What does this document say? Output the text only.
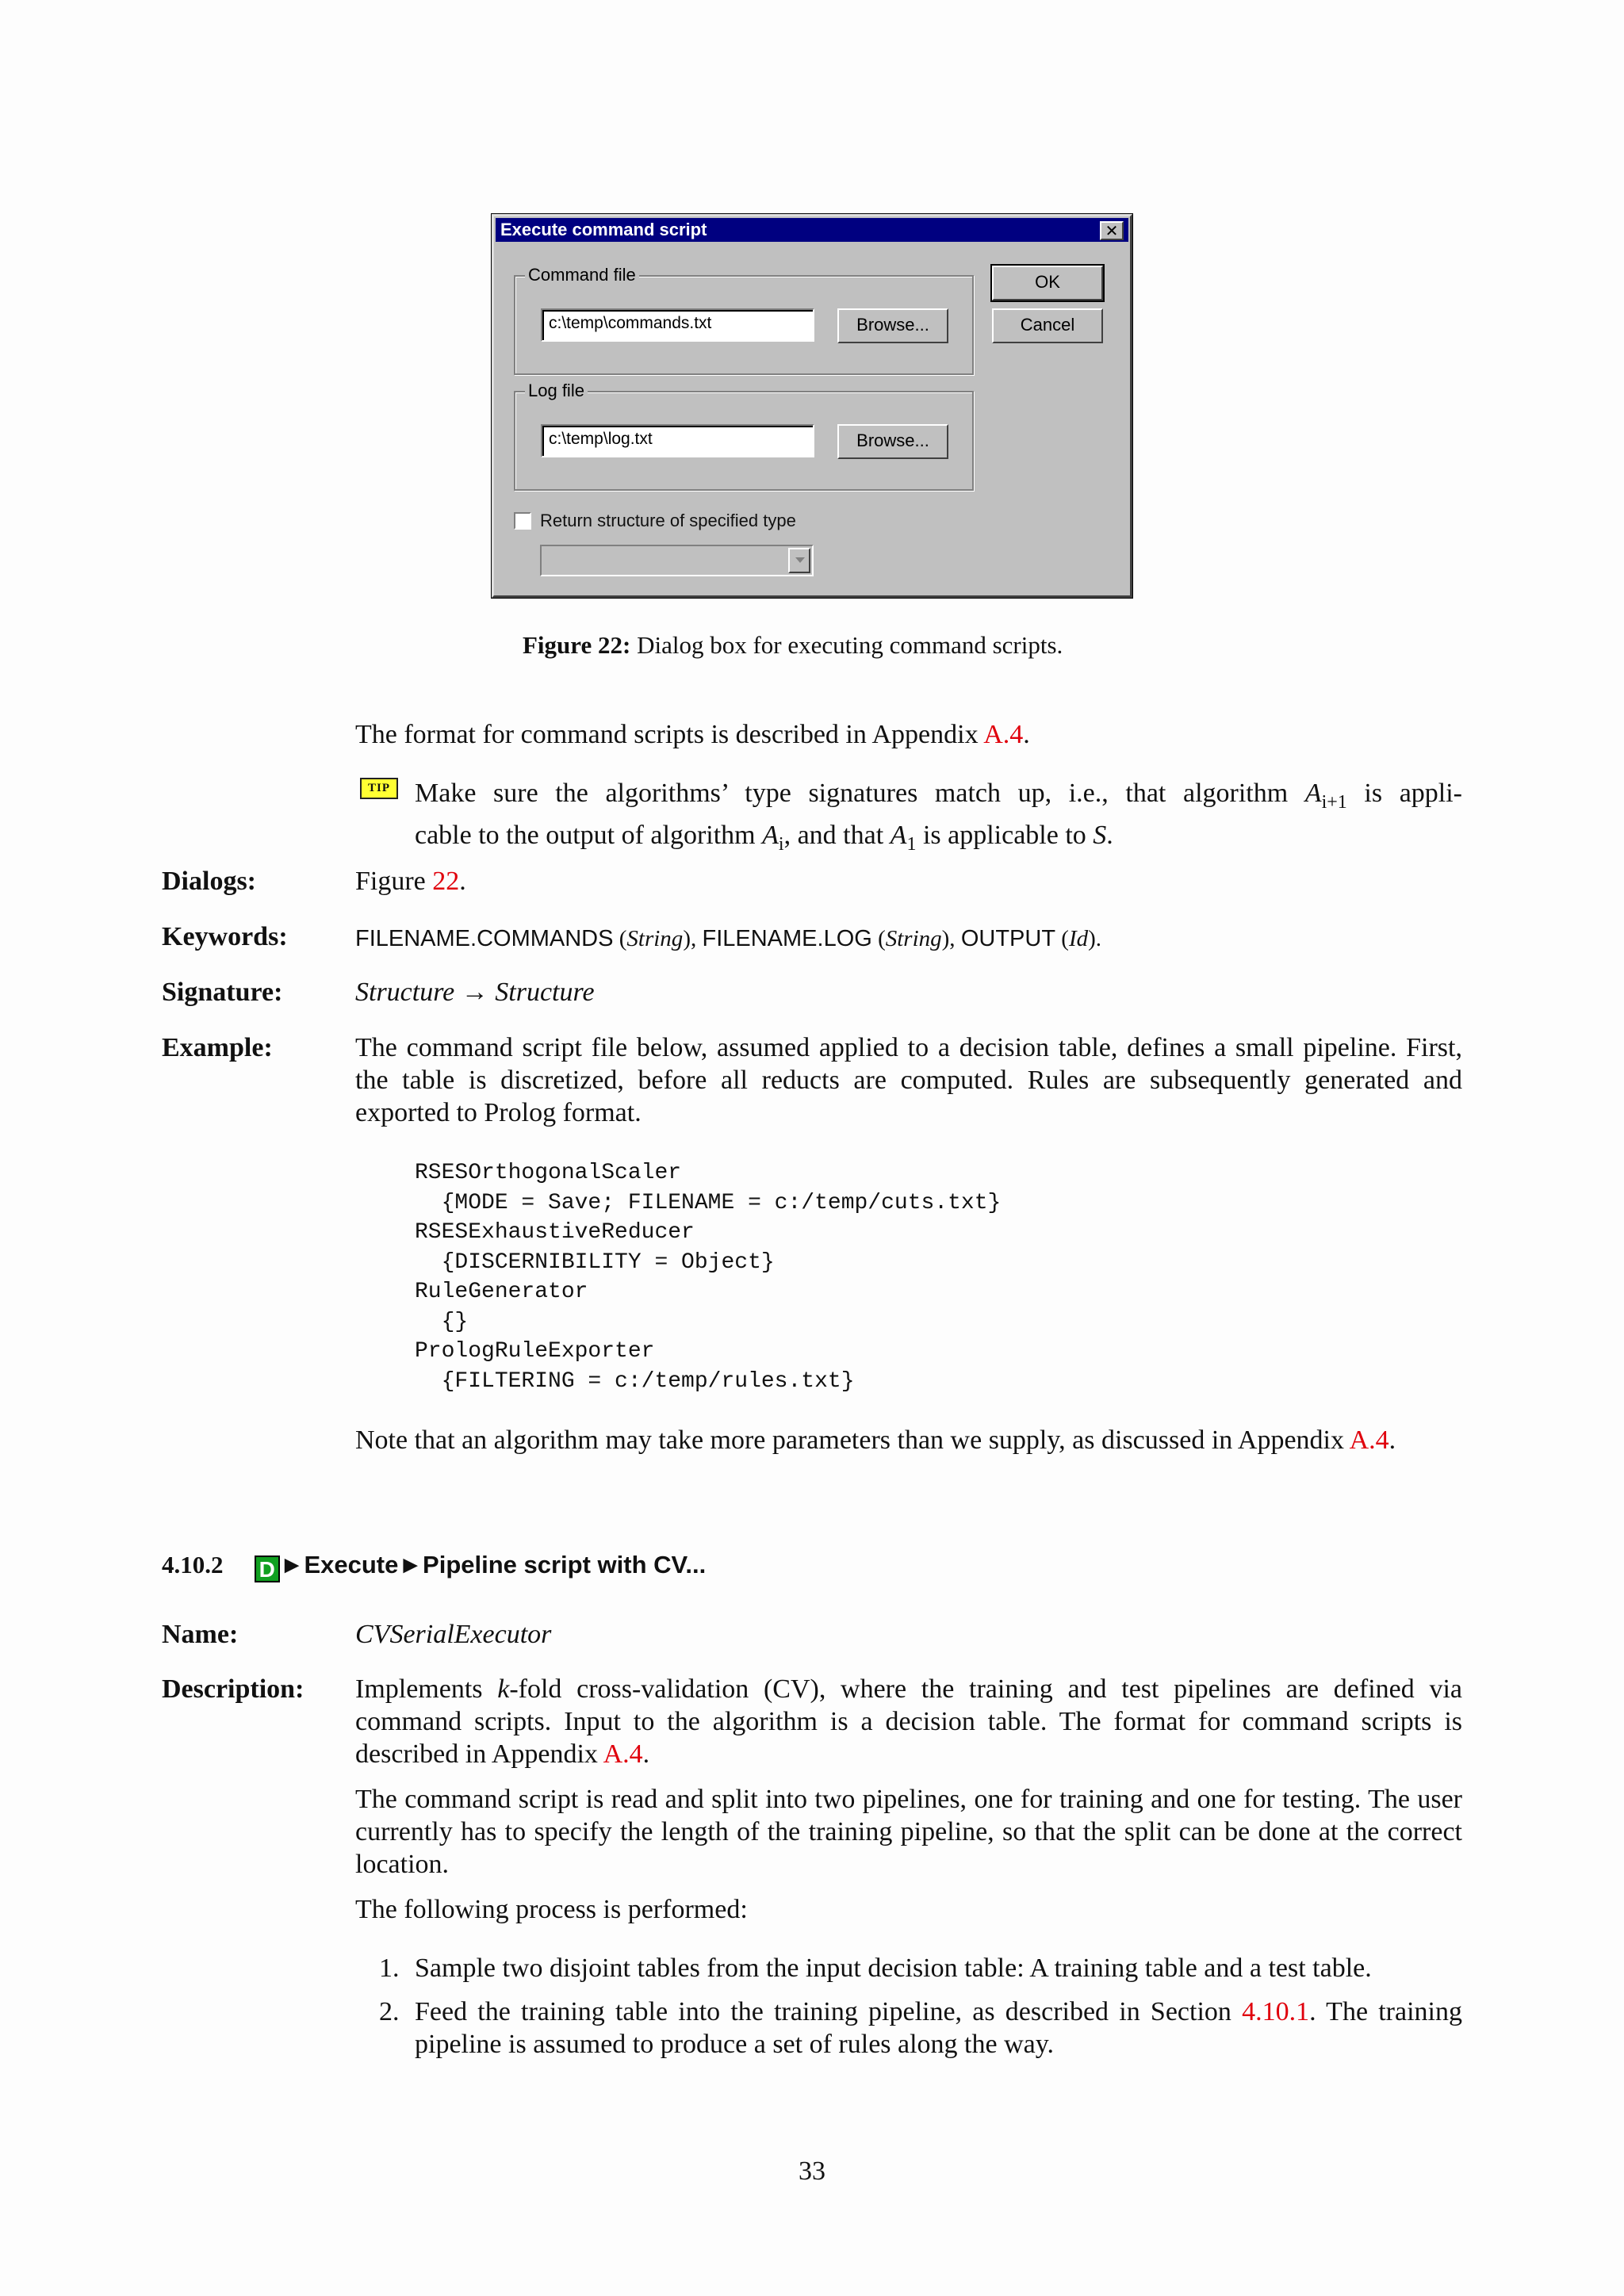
Execute command script	✕
Command file
c:\temp\commands.txt	Browse...
OK
Cancel
Log file
c:\temp\log.txt	Browse...
Return structure of specified type
Figure 22: Dialog box for executing command scripts.
The format for command scripts is described in Appendix A.4.
TIP Make sure the algorithms’ type signatures match up, i.e., that algorithm $A_{i+1}$ is appli-
cable to the output of algorithm $A_i$, and that $A_1$ is applicable to S.
Dialogs:	Figure 22.
Keywords:	FILENAME.COMMANDS (String), FILENAME.LOG (String), OUTPUT (Id).
Signature:	Structure → Structure
Example:	The command script file below, assumed applied to a decision table, defines a small pipeline. First, the table is discretized, before all reducts are computed. Rules are subsequently generated and exported to Prolog format.
RSESOrthogonalScaler
{MODE = Save; FILENAME = c:/temp/cuts.txt}
RSESExhaustiveReducer
{DISCERNIBILITY = Object}
RuleGenerator
{}
PrologRuleExporter
{FILTERING = c:/temp/rules.txt}
Note that an algorithm may take more parameters than we supply, as discussed in Appendix A.4.
4.10.2 D ►Execute►Pipeline script with CV...
Name:	CVSerialExecutor
Description: Implements k-fold cross-validation (CV), where the training and test pipelines are defined via command scripts. Input to the algorithm is a decision table. The format for command scripts is described in Appendix A.4.
The command script is read and split into two pipelines, one for training and one for testing. The user currently has to specify the length of the training pipeline, so that the split can be done at the correct location.
The following process is performed:
1. Sample two disjoint tables from the input decision table: A training table and a test table.
2. Feed the training table into the training pipeline, as described in Section 4.10.1. The training pipeline is assumed to produce a set of rules along the way.
33
